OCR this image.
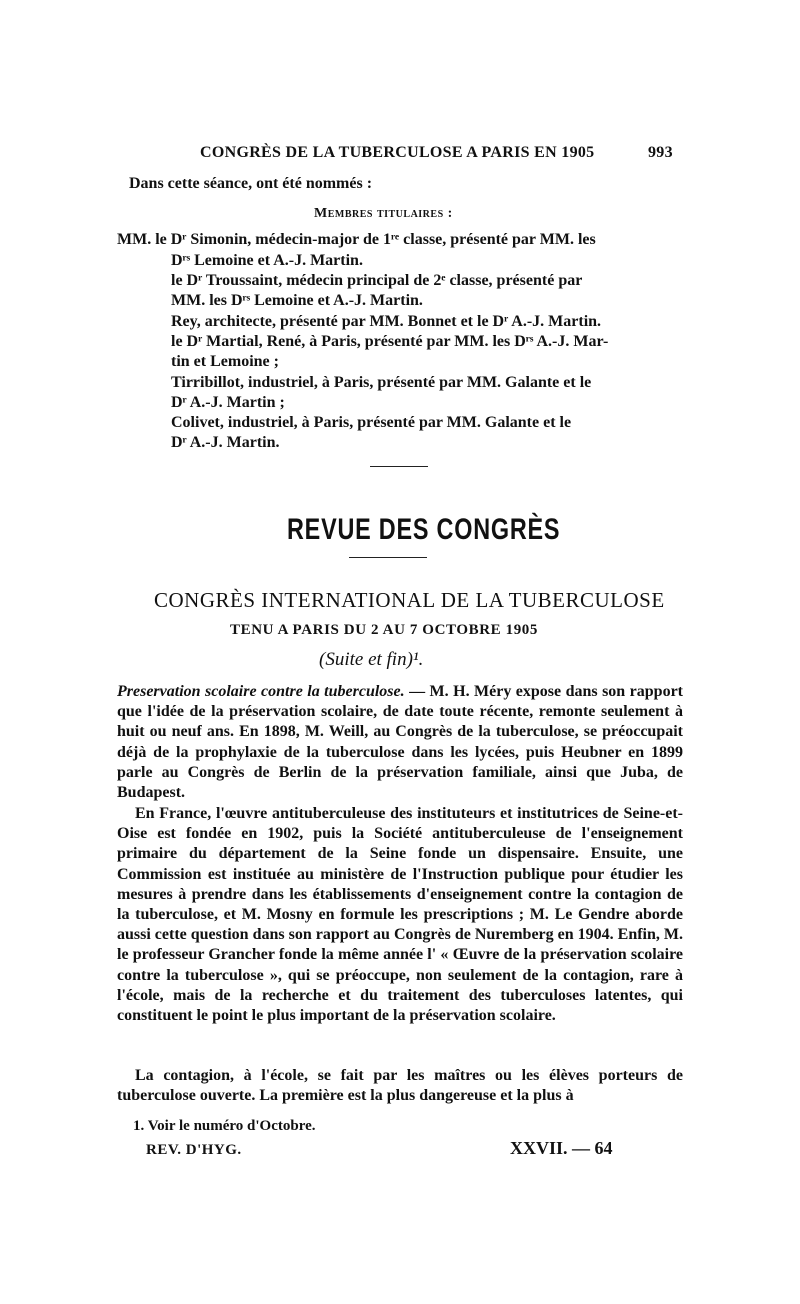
CONGRÈS DE LA TUBERCULOSE A PARIS EN 1905	993
Dans cette séance, ont été nommés :
Membres titulaires :
MM. le Dʳ Simonin, médecin-major de 1ʳᵉ classe, présenté par MM. les
Dʳˢ Lemoine et A.-J. Martin.
le Dʳ Troussaint, médecin principal de 2ᵉ classe, présenté par
MM. les Dʳˢ Lemoine et A.-J. Martin.
Rey, architecte, présenté par MM. Bonnet et le Dʳ A.-J. Martin.
le Dʳ Martial, René, à Paris, présenté par MM. les Dʳˢ A.-J. Mar-
tin et Lemoine ;
Tirribillot, industriel, à Paris, présenté par MM. Galante et le
Dʳ A.-J. Martin ;
Colivet, industriel, à Paris, présenté par MM. Galante et le
Dʳ A.-J. Martin.
REVUE DES CONGRÈS
CONGRÈS INTERNATIONAL DE LA TUBERCULOSE
TENU A PARIS DU 2 AU 7 OCTOBRE 1905
(Suite et fin)¹.
Preservation scolaire contre la tuberculose. — M. H. Méry expose dans son rapport que l'idée de la préservation scolaire, de date toute récente, remonte seulement à huit ou neuf ans. En 1898, M. Weill, au Congrès de la tuberculose, se préoccupait déjà de la prophylaxie de la tuberculose dans les lycées, puis Heubner en 1899 parle au Congrès de Berlin de la préservation familiale, ainsi que Juba, de Budapest.
En France, l'œuvre antituberculeuse des instituteurs et institutrices de Seine-et-Oise est fondée en 1902, puis la Société antituberculeuse de l'enseignement primaire du département de la Seine fonde un dispensaire. Ensuite, une Commission est instituée au ministère de l'Instruction publique pour étudier les mesures à prendre dans les établissements d'enseignement contre la contagion de la tuberculose, et M. Mosny en formule les prescriptions ; M. Le Gendre aborde aussi cette question dans son rapport au Congrès de Nuremberg en 1904. Enfin, M. le professeur Grancher fonde la même année l' « Œuvre de la préservation scolaire contre la tuberculose », qui se préoccupe, non seulement de la contagion, rare à l'école, mais de la recherche et du traitement des tuberculoses latentes, qui constituent le point le plus important de la préservation scolaire.
La contagion, à l'école, se fait par les maîtres ou les élèves porteurs de tuberculose ouverte. La première est la plus dangereuse et la plus à
1. Voir le numéro d'Octobre.
REV. D'HYG.	XXVII. — 64
